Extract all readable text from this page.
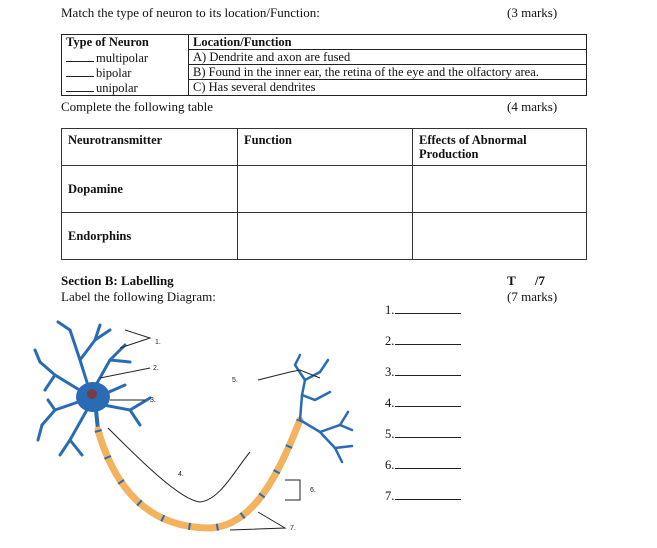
Match the type of neuron to its location/Function:	(3 marks)
Type of Neuron	Location/Function
multipolar	A) Dendrite and axon are fused
bipolar	B) Found in the inner ear, the retina of the eye and the olfactory area.
unipolar	C) Has several dendrites
Complete the following table	(4 marks)
Neurotransmitter	Function	Effects of Abnormal Production
Dopamine		
Endorphins		
Section B: Labelling
Label the following Diagram:
T      /7
(7 marks)
1.
2.
3.
4.
5.
6.
7.
1.
2.
3.
4.
5.
6.
7.
